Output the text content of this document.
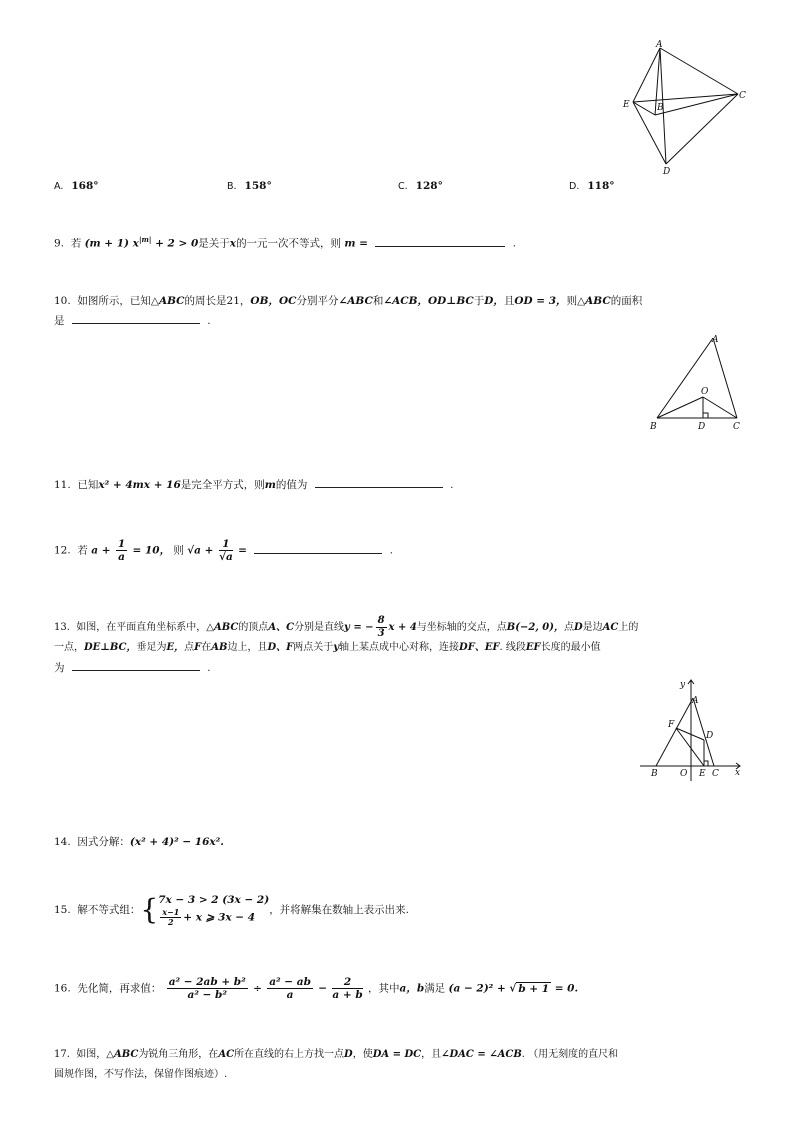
A
E	B
C
D
A. 168°	B. 158°	C. 128°	D. 118°
9. 若 (m + 1) $x^{|m|} + 2 > 0$是关于x的一元一次不等式，则 m =	.
10. 如图所示，已知△ABC的周长是21，OB，OC分别平分∠ABC和∠ACB，OD⊥BC于D，且OD = 3，则△ABC的面积
是	.
A
O
B	D	C
11. 已知x² + 4mx + 16是完全平方式，则m的值为	.
12. 若 $a + \frac{1}{a} = 10$， 则 $√a + \frac{1}{√a}$ =	.
13. 如图，在平面直角坐标系中，△ABC的顶点A、C分别是直线y = − $\frac{8}{3}$ x + 4与坐标轴的交点，点B(−2, 0)，点D是边AC上的
一点，DE⊥BC，垂足为E，点F在AB边上，且D、F两点关于y轴上某点成中心对称，连接DF、EF. 线段EF长度的最小值
为	.
y
x
A
F
D
B O E C
14. 因式分解：(x² + 4)² − 16x².
15. 解不等式组：{ 7x − 3 > 2 (3x − 2)
$\frac{x-1}{2} + x$ ⩾ 3x − 4
，并将解集在数轴上表示出来.
16. 先化简，再求值： $\frac{\text{a² − 2ab + b²}}{\text{a² − b²}} \div \frac{\text{a² − ab}}{a} - \frac{2}{a + b}$ ，其中a，b满足 (a − 2)² + √ b + 1 = 0.
17. 如图，△ABC为锐角三角形，在AC所在直线的右上方找一点D，使DA = DC，且∠DAC = ∠ACB. （用无刻度的直尺和
圆规作图，不写作法，保留作图痕迹）.
